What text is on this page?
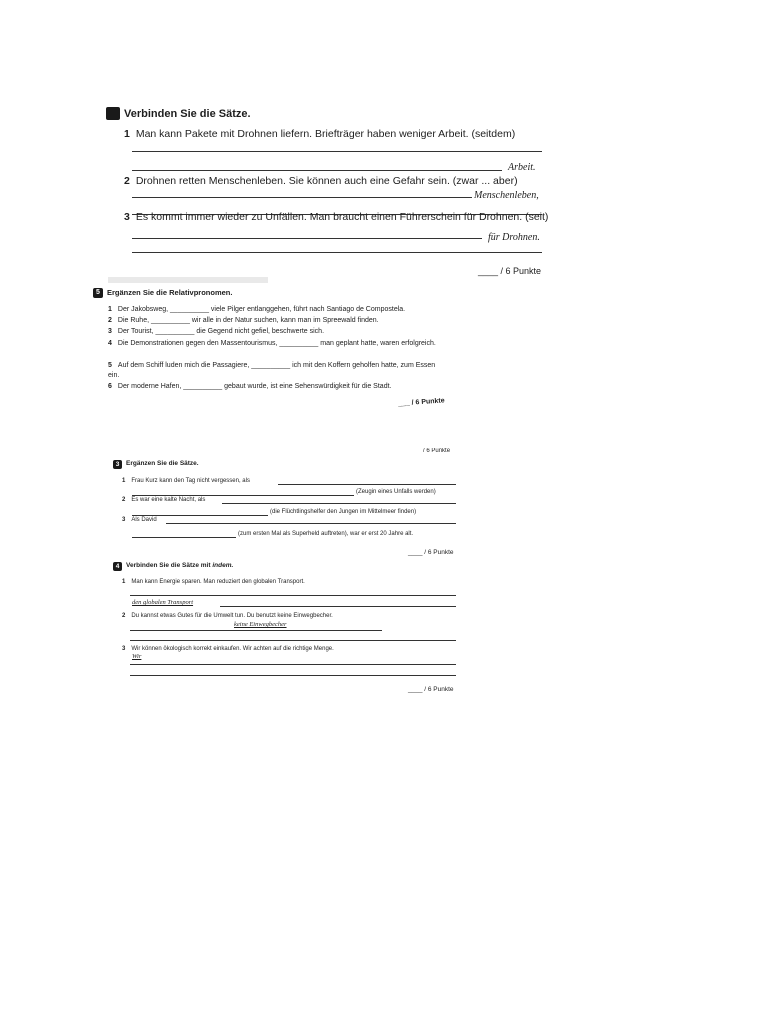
Verbinden Sie die Sätze.
1 Man kann Pakete mit Drohnen liefern. Briefträger haben weniger Arbeit. (seitdem)
Arbeit.
2 Drohnen retten Menschenleben. Sie können auch eine Gefahr sein. (zwar ... aber)
Menschenleben,
3 Es kommt immer wieder zu Unfällen. Man braucht einen Führerschein für Drohnen. (seit)
für Drohnen.
____ / 6 Punkte
5 Ergänzen Sie die Relativpronomen.
1 Der Jakobsweg, __________ viele Pilger entlanggehen, führt nach Santiago de Compostela.
2 Die Ruhe, __________ wir alle in der Natur suchen, kann man im Spreewald finden.
3 Der Tourist, __________ die Gegend nicht gefiel, beschwerte sich.
4 Die Demonstrationen gegen den Massentourismus, __________ man geplant hatte, waren erfolgreich.
5 Auf dem Schiff luden mich die Passagiere, __________ ich mit den Koffern geholfen hatte, zum Essen ein.
6 Der moderne Hafen, __________ gebaut wurde, ist eine Sehenswürdigkeit für die Stadt.
___ / 6 Punkte
____ / 6 Punkte
3	Ergänzen Sie die Sätze.
1 Frau Kurz kann den Tag nicht vergessen, als
(Zeugin eines Unfalls werden)
2 Es war eine kalte Nacht, als
(die Flüchtlingshelfer den Jungen im Mittelmeer finden)
3 Als David
(zum ersten Mal als Superheld auftreten), war er erst 20 Jahre alt.
____ / 6 Punkte
4	Verbinden Sie die Sätze mit indem.
1 Man kann Energie sparen. Man reduziert den globalen Transport.
den globalen Transport
2 Du kannst etwas Gutes für die Umwelt tun. Du benutzt keine Einwegbecher.
keine Einwegbecher
3 Wir können ökologisch korrekt einkaufen. Wir achten auf die richtige Menge.
Wir
____ / 6 Punkte
